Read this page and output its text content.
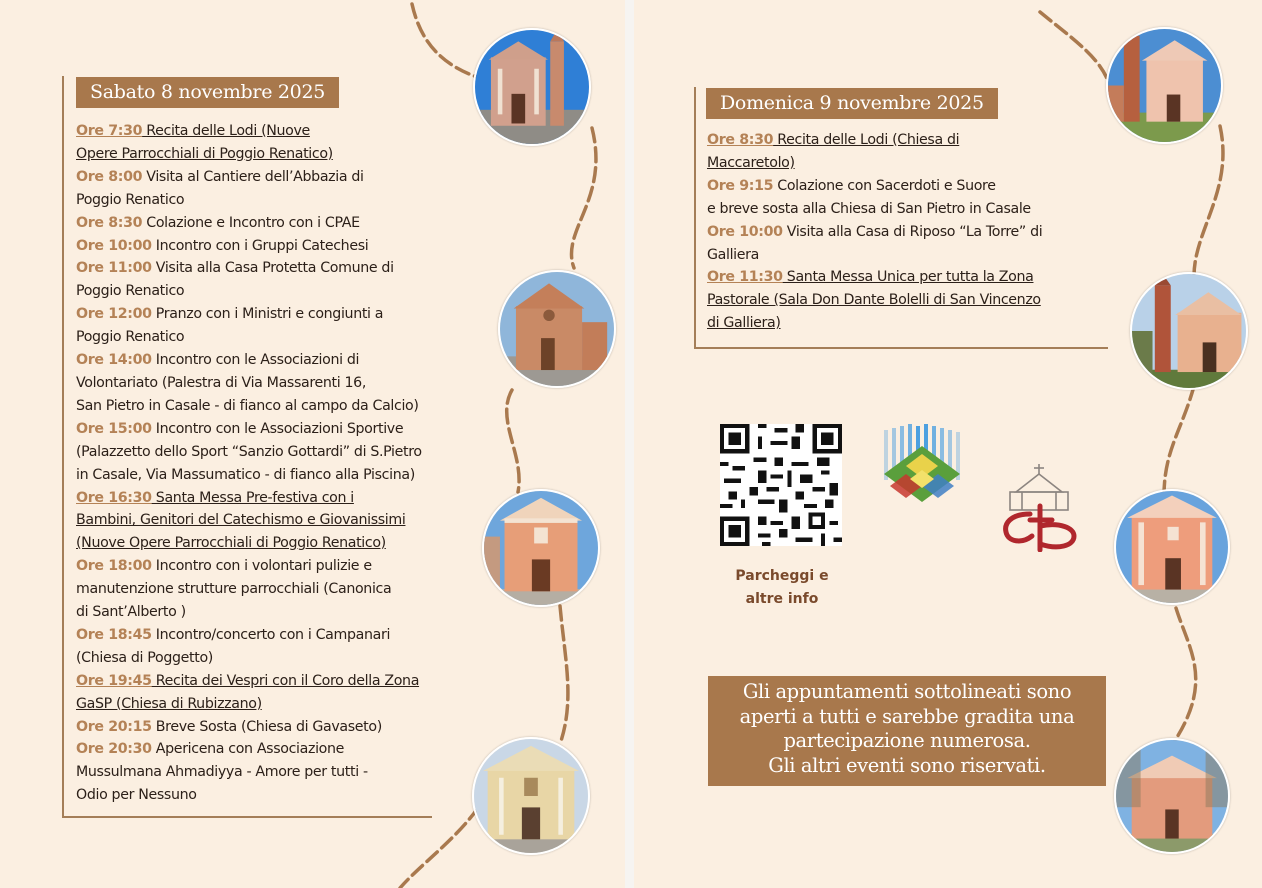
Sabato 8 novembre 2025
Ore 7:30 Recita delle Lodi (Nuove
Opere Parrocchiali di Poggio Renatico)
Ore 8:00 Visita al Cantiere dell’Abbazia di
Poggio Renatico
Ore 8:30 Colazione e Incontro con i CPAE
Ore 10:00 Incontro con i Gruppi Catechesi
Ore 11:00 Visita alla Casa Protetta Comune di
Poggio Renatico
Ore 12:00 Pranzo con i Ministri e congiunti a
Poggio Renatico
Ore 14:00 Incontro con le Associazioni di
Volontariato (Palestra di Via Massarenti 16,
San Pietro in Casale - di fianco al campo da Calcio)
Ore 15:00 Incontro con le Associazioni Sportive
(Palazzetto dello Sport “Sanzio Gottardi” di S.Pietro
in Casale, Via Massumatico - di fianco alla Piscina)
Ore 16:30 Santa Messa Pre-festiva con i
Bambini, Genitori del Catechismo e Giovanissimi
(Nuove Opere Parrocchiali di Poggio Renatico)
Ore 18:00 Incontro con i volontari pulizie e
manutenzione strutture parrocchiali (Canonica
di Sant’Alberto )
Ore 18:45 Incontro/concerto con i Campanari
(Chiesa di Poggetto)
Ore 19:45 Recita dei Vespri con il Coro della Zona
GaSP (Chiesa di Rubizzano)
Ore 20:15 Breve Sosta (Chiesa di Gavaseto)
Ore 20:30 Apericena con Associazione
Mussulmana Ahmadiyya - Amore per tutti -
Odio per Nessuno
Domenica 9 novembre 2025
Ore 8:30 Recita delle Lodi (Chiesa di
Maccaretolo)
Ore 9:15 Colazione con Sacerdoti e Suore
e breve sosta alla Chiesa di San Pietro in Casale
Ore 10:00 Visita alla Casa di Riposo “La Torre” di
Galliera
Ore 11:30 Santa Messa Unica per tutta la Zona
Pastorale (Sala Don Dante Bolelli di San Vincenzo
di Galliera)
Parcheggi e
altre info
Gli appuntamenti sottolineati sono
aperti a tutti e sarebbe gradita una
partecipazione numerosa.
Gli altri eventi sono riservati.
